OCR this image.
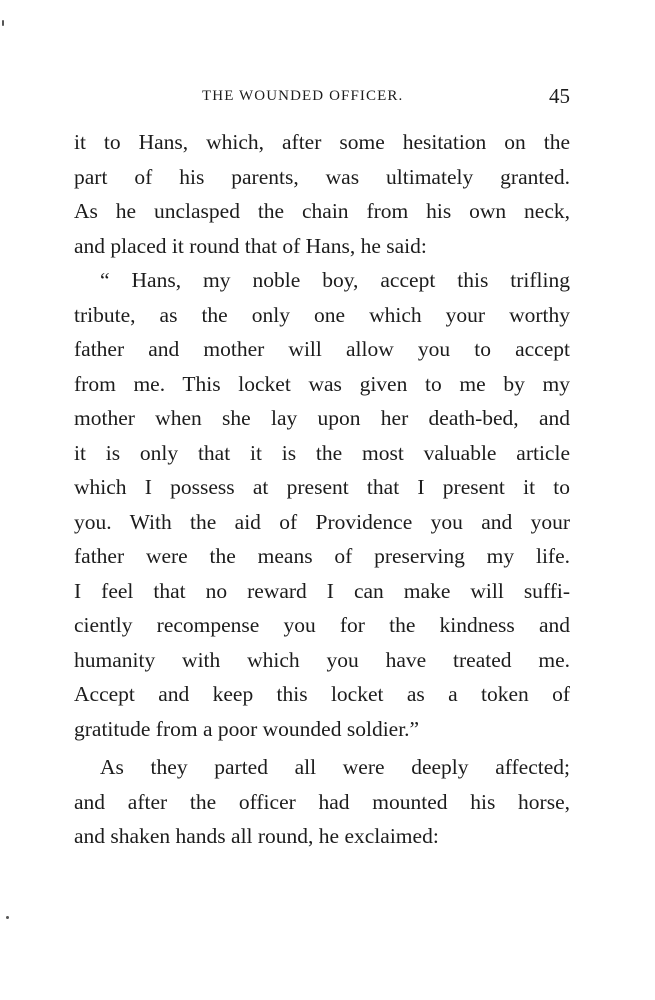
THE WOUNDED OFFICER.	45
it to Hans, which, after some hesitation on the
part of his parents, was ultimately granted.
As he unclasped the chain from his own neck,
and placed it round that of Hans, he said:
“ Hans, my noble boy, accept this trifling
tribute, as the only one which your worthy
father and mother will allow you to accept
from me. This locket was given to me by my
mother when she lay upon her death-bed, and
it is only that it is the most valuable article
which I possess at present that I present it to
you. With the aid of Providence you and your
father were the means of preserving my life.
I feel that no reward I can make will suffi-
ciently recompense you for the kindness and
humanity with which you have treated me.
Accept and keep this locket as a token of
gratitude from a poor wounded soldier.”
As they parted all were deeply affected;
and after the officer had mounted his horse,
and shaken hands all round, he exclaimed:
